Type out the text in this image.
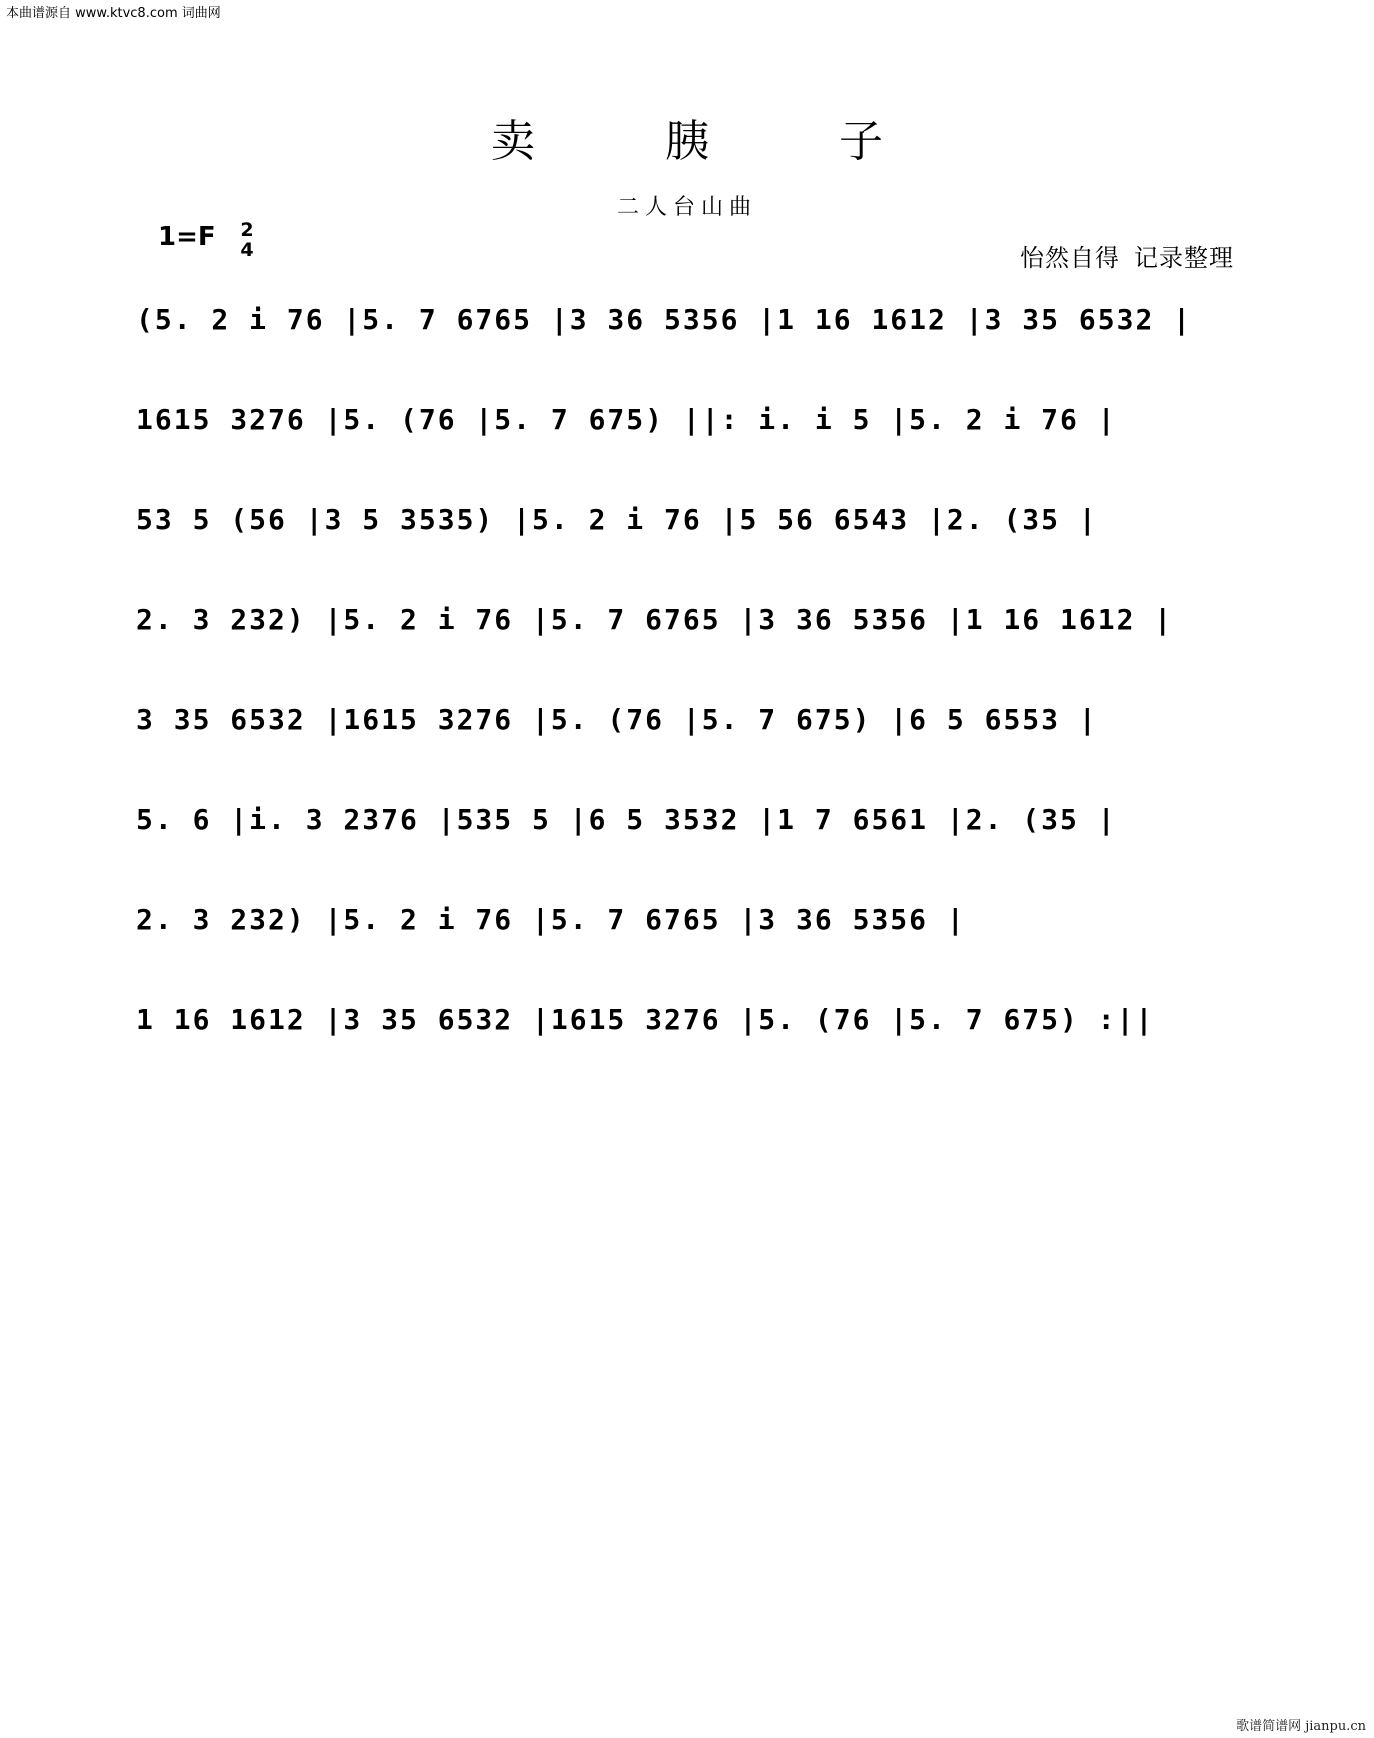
本曲谱源自 www.ktvc8.com 词曲网
卖 胰 子
二人台山曲
1=F 2
4	怡然自得 记录整理
(5. 2 i 76 |5. 7 6765 |3 36 5356 |1 16 1612 |3 35 6532 |
1615 3276 |5. (76 |5. 7 675) ||: i. i 5 |5. 2 i 76 |
53 5 (56 |3 5 3535) |5. 2 i 76 |5 56 6543 |2. (35 |
2. 3 232) |5. 2 i 76 |5. 7 6765 |3 36 5356 |1 16 1612 |
3 35 6532 |1615 3276 |5. (76 |5. 7 675) |6 5 6553 |
5. 6 |i. 3 2376 |535 5 |6 5 3532 |1 7 6561 |2. (35 |
2. 3 232) |5. 2 i 76 |5. 7 6765 |3 36 5356 |
1 16 1612 |3 35 6532 |1615 3276 |5. (76 |5. 7 675) :||
歌谱简谱网 jianpu.cn
